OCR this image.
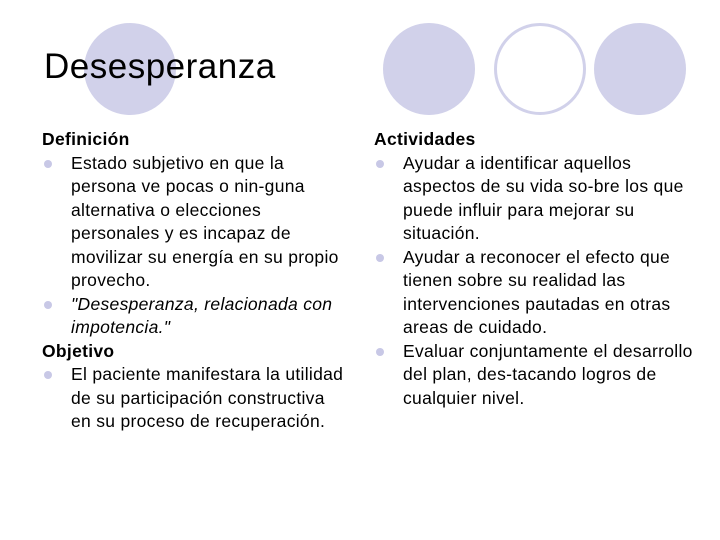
Desesperanza

Definición

Estado subjetivo en que la persona ve pocas o nin-guna alternativa o elecciones personales y es incapaz de movilizar su energía en su propio provecho.

"Desesperanza, relacionada con impotencia."

Objetivo

El paciente manifestara la utilidad de su participación constructiva en su proceso de recuperación.

Actividades

Ayudar a identificar aquellos aspectos de su vida so-bre los que puede influir para mejorar su situación.

Ayudar a reconocer el efecto que tienen sobre su realidad las intervenciones pautadas en otras areas de cuidado.

Evaluar conjuntamente el desarrollo del plan, des-tacando logros de cualquier nivel.
